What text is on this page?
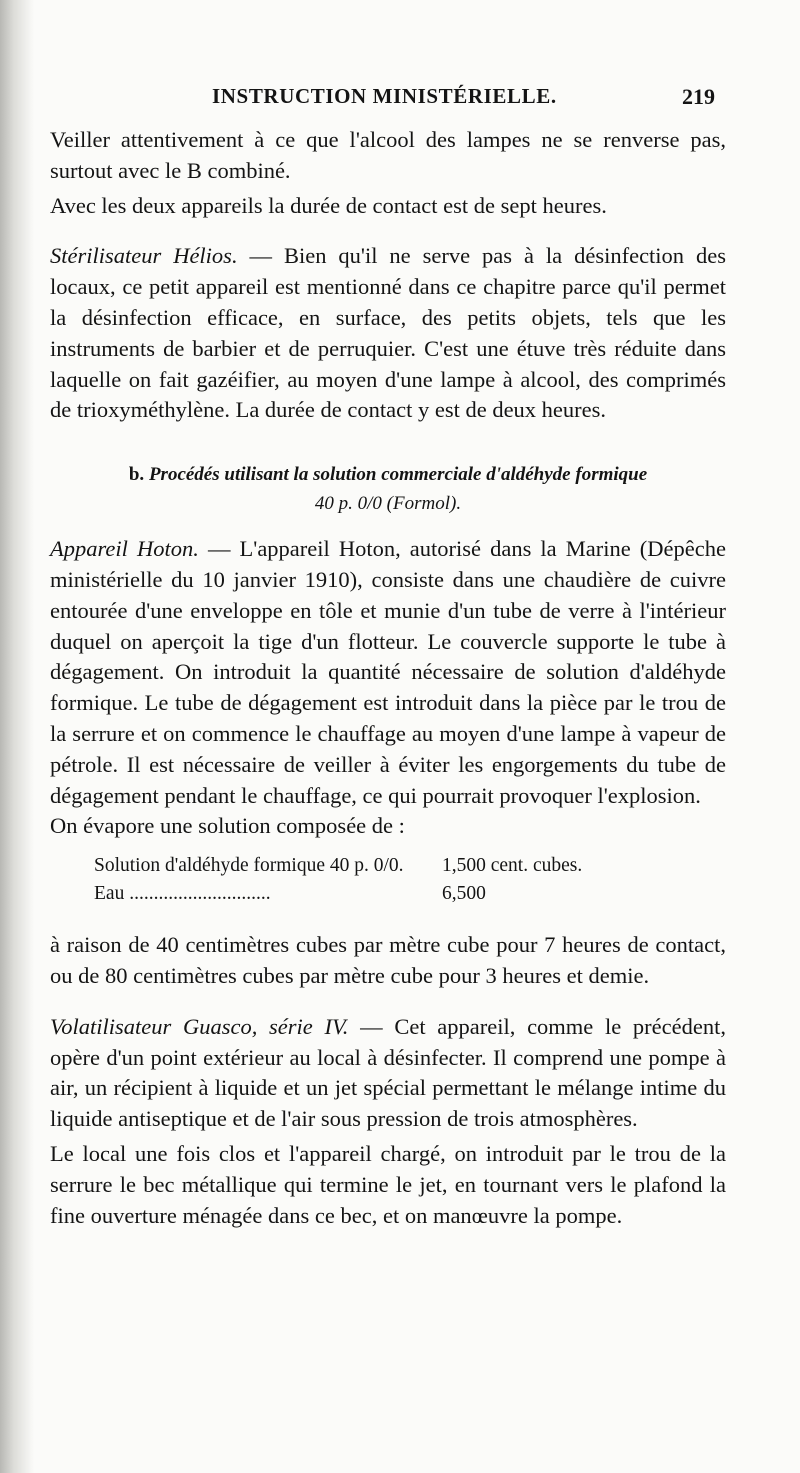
INSTRUCTION MINISTÉRIELLE.	219

Veiller attentivement à ce que l'alcool des lampes ne se renverse pas, surtout avec le B combiné.

Avec les deux appareils la durée de contact est de sept heures.

Stérilisateur Hélios. — Bien qu'il ne serve pas à la désinfection des locaux, ce petit appareil est mentionné dans ce chapitre parce qu'il permet la désinfection efficace, en surface, des petits objets, tels que les instruments de barbier et de perruquier. C'est une étuve très réduite dans laquelle on fait gazéifier, au moyen d'une lampe à alcool, des comprimés de trioxyméthylène. La durée de contact y est de deux heures.

b. Procédés utilisant la solution commerciale d'aldéhyde formique
40 p. 0/0 (Formol).

Appareil Hoton. — L'appareil Hoton, autorisé dans la Marine (Dépêche ministérielle du 10 janvier 1910), consiste dans une chaudière de cuivre entourée d'une enveloppe en tôle et munie d'un tube de verre à l'intérieur duquel on aperçoit la tige d'un flotteur. Le couvercle supporte le tube à dégagement. On introduit la quantité nécessaire de solution d'aldéhyde formique. Le tube de dégagement est introduit dans la pièce par le trou de la serrure et on commence le chauffage au moyen d'une lampe à vapeur de pétrole. Il est nécessaire de veiller à éviter les engorgements du tube de dégagement pendant le chauffage, ce qui pourrait provoquer l'explosion.

On évapore une solution composée de :

Solution d'aldéhyde formique 40 p. 0/0.	1,500 cent. cubes.
Eau .............................	6,500

à raison de 40 centimètres cubes par mètre cube pour 7 heures de contact, ou de 80 centimètres cubes par mètre cube pour 3 heures et demie.

Volatilisateur Guasco, série IV. — Cet appareil, comme le précédent, opère d'un point extérieur au local à désinfecter. Il comprend une pompe à air, un récipient à liquide et un jet spécial permettant le mélange intime du liquide antiseptique et de l'air sous pression de trois atmosphères.

Le local une fois clos et l'appareil chargé, on introduit par le trou de la serrure le bec métallique qui termine le jet, en tournant vers le plafond la fine ouverture ménagée dans ce bec, et on manœuvre la pompe.
